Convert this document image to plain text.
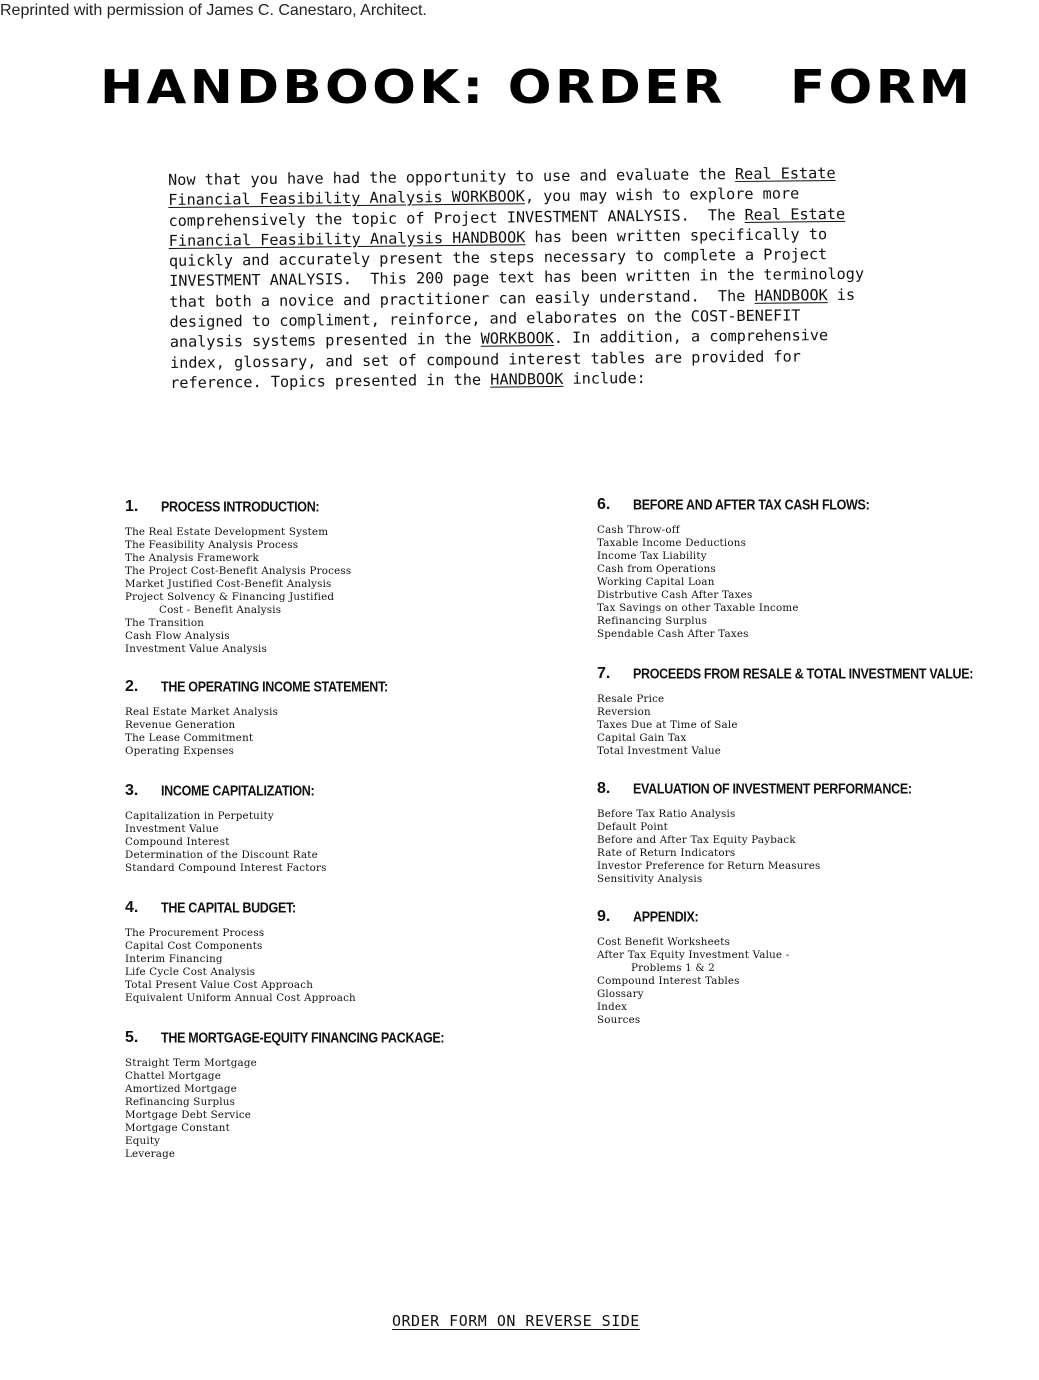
Reprinted with permission of James C. Canestaro, Architect.
HANDBOOK: ORDER FORM
Now that you have had the opportunity to use and evaluate the Real Estate
Financial Feasibility Analysis WORKBOOK, you may wish to explore more
comprehensively the topic of Project INVESTMENT ANALYSIS.  The Real Estate
Financial Feasibility Analysis HANDBOOK has been written specifically to
quickly and accurately present the steps necessary to complete a Project
INVESTMENT ANALYSIS.  This 200 page text has been written in the terminology
that both a novice and practitioner can easily understand.  The HANDBOOK is
designed to compliment, reinforce, and elaborates on the COST-BENEFIT
analysis systems presented in the WORKBOOK. In addition, a comprehensive
index, glossary, and set of compound interest tables are provided for
reference. Topics presented in the HANDBOOK include:
1.	PROCESS INTRODUCTION:
The Real Estate Development System
The Feasibility Analysis Process
The Analysis Framework
The Project Cost-Benefit Analysis Process
Market Justified Cost-Benefit Analysis
Project Solvency & Financing Justified
Cost - Benefit Analysis
The Transition
Cash Flow Analysis
Investment Value Analysis
2.	THE OPERATING INCOME STATEMENT:
Real Estate Market Analysis
Revenue Generation
The Lease Commitment
Operating Expenses
3.	INCOME CAPITALIZATION:
Capitalization in Perpetuity
Investment Value
Compound Interest
Determination of the Discount Rate
Standard Compound Interest Factors
4.	THE CAPITAL BUDGET:
The Procurement Process
Capital Cost Components
Interim Financing
Life Cycle Cost Analysis
Total Present Value Cost Approach
Equivalent Uniform Annual Cost Approach
5.	THE MORTGAGE-EQUITY FINANCING PACKAGE:
Straight Term Mortgage
Chattel Mortgage
Amortized Mortgage
Refinancing Surplus
Mortgage Debt Service
Mortgage Constant
Equity
Leverage
6.	BEFORE AND AFTER TAX CASH FLOWS:
Cash Throw-off
Taxable Income Deductions
Income Tax Liability
Cash from Operations
Working Capital Loan
Distrbutive Cash After Taxes
Tax Savings on other Taxable Income
Refinancing Surplus
Spendable Cash After Taxes
7.	PROCEEDS FROM RESALE & TOTAL INVESTMENT VALUE:
Resale Price
Reversion
Taxes Due at Time of Sale
Capital Gain Tax
Total Investment Value
8.	EVALUATION OF INVESTMENT PERFORMANCE:
Before Tax Ratio Analysis
Default Point
Before and After Tax Equity Payback
Rate of Return Indicators
Investor Preference for Return Measures
Sensitivity Analysis
9.	APPENDIX:
Cost Benefit Worksheets
After Tax Equity Investment Value -
Problems 1 & 2
Compound Interest Tables
Glossary
Index
Sources
ORDER FORM ON REVERSE SIDE
